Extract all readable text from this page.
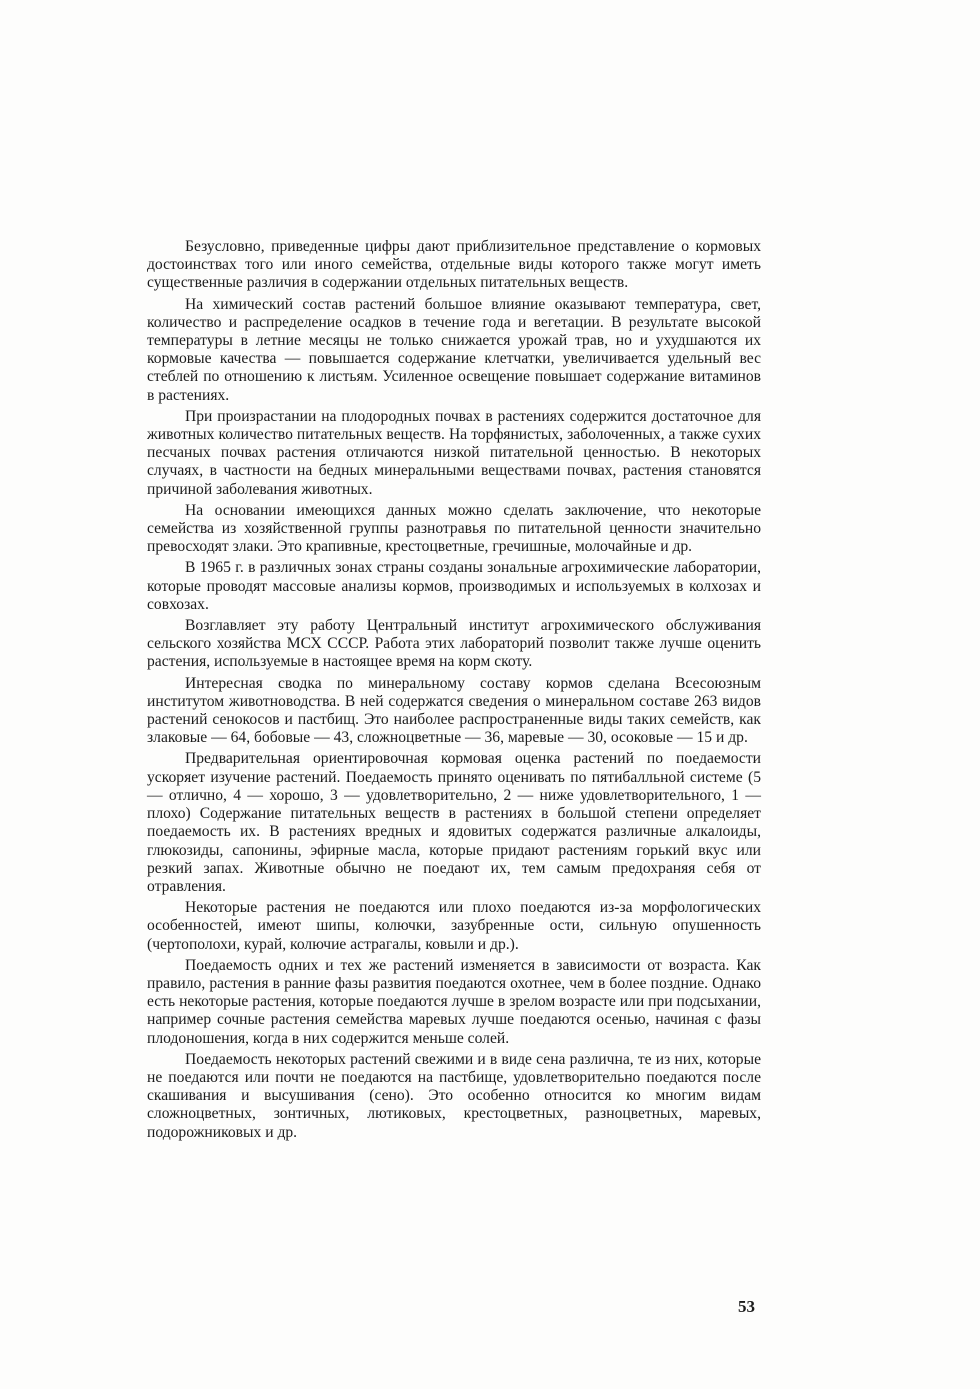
Безусловно, приведенные цифры дают приблизительное представление о кормовых достоинствах того или иного семейства, отдельные виды которого также могут иметь существенные различия в содержании отдельных питательных веществ.

На химический состав растений большое влияние оказывают температура, свет, количество и распределение осадков в течение года и вегетации. В результате высокой температуры в летние месяцы не только снижается урожай трав, но и ухудшаются их кормовые качества — повышается содержание клетчатки, увеличивается удельный вес стеблей по отношению к листьям. Усиленное освещение повышает содержание витаминов в растениях.

При произрастании на плодородных почвах в растениях содержится достаточное для животных количество питательных веществ. На торфянистых, заболоченных, а также сухих песчаных почвах растения отличаются низкой питательной ценностью. В некоторых случаях, в частности на бедных минеральными веществами почвах, растения становятся причиной заболевания животных.

На основании имеющихся данных можно сделать заключение, что некоторые семейства из хозяйственной группы разнотравья по питательной ценности значительно превосходят злаки. Это крапивные, крестоцветные, гречишные, молочайные и др.

В 1965 г. в различных зонах страны созданы зональные агрохимические лаборатории, которые проводят массовые анализы кормов, производимых и используемых в колхозах и совхозах.

Возглавляет эту работу Центральный институт агрохимического обслуживания сельского хозяйства МСХ СССР. Работа этих лабораторий позволит также лучше оценить растения, используемые в настоящее время на корм скоту.

Интересная сводка по минеральному составу кормов сделана Всесоюзным институтом животноводства. В ней содержатся сведения о минеральном составе 263 видов растений сенокосов и пастбищ. Это наиболее распространенные виды таких семейств, как злаковые — 64, бобовые — 43, сложноцветные — 36, маревые — 30, осоковые — 15 и др.

Предварительная ориентировочная кормовая оценка растений по поедаемости ускоряет изучение растений. Поедаемость принято оценивать по пятибалльной системе (5 — отлично, 4 — хорошо, 3 — удовлетворительно, 2 — ниже удовлетворительного, 1 — плохо) Содержание питательных веществ в растениях в большой степени определяет поедаемость их. В растениях вредных и ядовитых содержатся различные алкалоиды, глюкозиды, сапонины, эфирные масла, которые придают растениям горький вкус или резкий запах. Животные обычно не поедают их, тем самым предохраняя себя от отравления.

Некоторые растения не поедаются или плохо поедаются из-за морфологических особенностей, имеют шипы, колючки, зазубренные ости, сильную опушенность (чертополохи, курай, колючие астрагалы, ковыли и др.).

Поедаемость одних и тех же растений изменяется в зависимости от возраста. Как правило, растения в ранние фазы развития поедаются охотнее, чем в более поздние. Однако есть некоторые растения, которые поедаются лучше в зрелом возрасте или при подсыхании, например сочные растения семейства маревых лучше поедаются осенью, начиная с фазы плодоношения, когда в них содержится меньше солей.

Поедаемость некоторых растений свежими и в виде сена различна, те из них, которые не поедаются или почти не поедаются на пастбище, удовлетворительно поедаются после скашивания и высушивания (сено). Это особенно относится ко многим видам сложноцветных, зонтичных, лютиковых, крестоцветных, разноцветных, маревых, подорожниковых и др.

53
